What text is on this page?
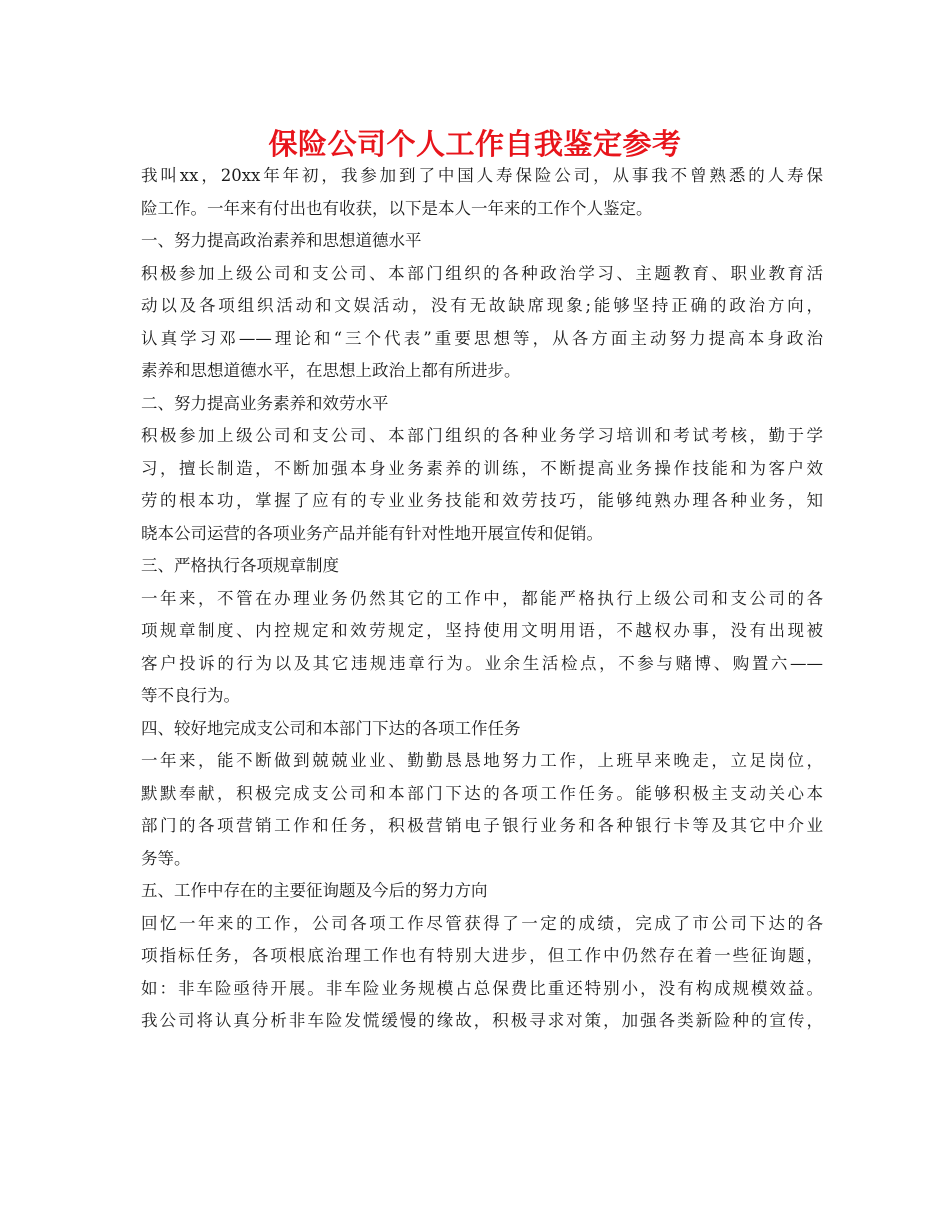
保险公司个人工作自我鉴定参考
我叫xx，20xx年年初，我参加到了中国人寿保险公司，从事我不曾熟悉的人寿保
险工作。一年来有付出也有收获，以下是本人一年来的工作个人鉴定。
一、努力提高政治素养和思想道德水平
积极参加上级公司和支公司、本部门组织的各种政治学习、主题教育、职业教育活
动以及各项组织活动和文娱活动，没有无故缺席现象;能够坚持正确的政治方向，
认真学习邓——理论和“三个代表”重要思想等，从各方面主动努力提高本身政治
素养和思想道德水平，在思想上政治上都有所进步。
二、努力提高业务素养和效劳水平
积极参加上级公司和支公司、本部门组织的各种业务学习培训和考试考核，勤于学
习，擅长制造，不断加强本身业务素养的训练，不断提高业务操作技能和为客户效
劳的根本功，掌握了应有的专业业务技能和效劳技巧，能够纯熟办理各种业务，知
晓本公司运营的各项业务产品并能有针对性地开展宣传和促销。
三、严格执行各项规章制度
一年来，不管在办理业务仍然其它的工作中，都能严格执行上级公司和支公司的各
项规章制度、内控规定和效劳规定，坚持使用文明用语，不越权办事，没有出现被
客户投诉的行为以及其它违规违章行为。业余生活检点，不参与赌博、购置六——
等不良行为。
四、较好地完成支公司和本部门下达的各项工作任务
一年来，能不断做到兢兢业业、勤勤恳恳地努力工作，上班早来晚走，立足岗位，
默默奉献，积极完成支公司和本部门下达的各项工作任务。能够积极主支动关心本
部门的各项营销工作和任务，积极营销电子银行业务和各种银行卡等及其它中介业
务等。
五、工作中存在的主要征询题及今后的努力方向
回忆一年来的工作，公司各项工作尽管获得了一定的成绩，完成了市公司下达的各
项指标任务，各项根底治理工作也有特别大进步，但工作中仍然存在着一些征询题，
如：非车险亟待开展。非车险业务规模占总保费比重还特别小，没有构成规模效益。
我公司将认真分析非车险发慌缓慢的缘故，积极寻求对策，加强各类新险种的宣传，
